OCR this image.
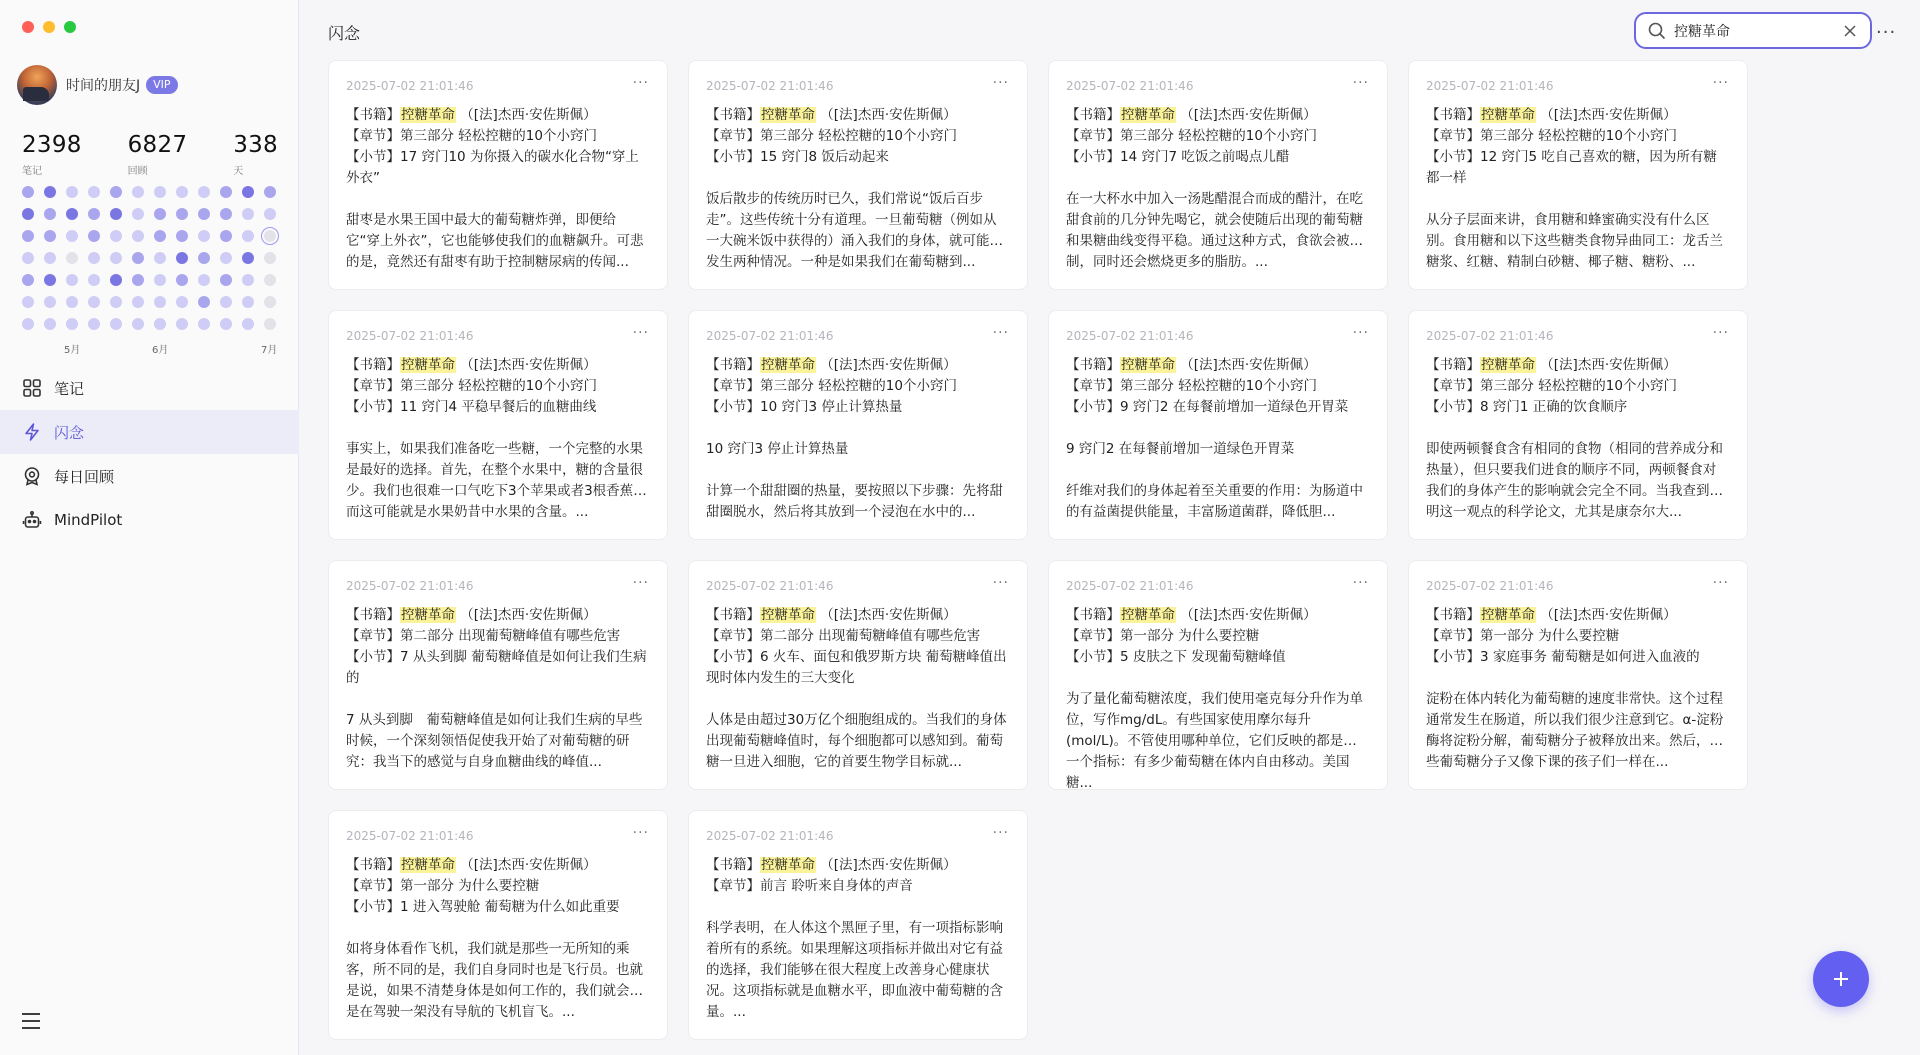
时间的朋友J	VIP
2398
笔记
6827
回顾
338
天
5月	6月	7月
笔记
闪念
每日回顾
MindPilot
闪念
控糖革命	···
2025-07-02 21:01:46	···
【书籍】控糖革命 （[法]杰西·安佐斯佩）
【章节】第三部分 轻松控糖的10个小窍门
【小节】17 窍门10 为你摄入的碳水化合物“穿上外衣”
甜枣是水果王国中最大的葡萄糖炸弹，即便给它“穿上外衣”，它也能够使我们的血糖飙升。可悲的是，竟然还有甜枣有助于控制糖尿病的传闻...
2025-07-02 21:01:46	···
【书籍】控糖革命 （[法]杰西·安佐斯佩）
【章节】第三部分 轻松控糖的10个小窍门
【小节】15 窍门8 饭后动起来
饭后散步的传统历时已久，我们常说“饭后百步走”。这些传统十分有道理。一旦葡萄糖（例如从一大碗米饭中获得的）涌入我们的身体，就可能会发生两种情况。一种是如果我们在葡萄糖到...
2025-07-02 21:01:46	···
【书籍】控糖革命 （[法]杰西·安佐斯佩）
【章节】第三部分 轻松控糖的10个小窍门
【小节】14 窍门7 吃饭之前喝点儿醋
在一大杯水中加入一汤匙醋混合而成的醋汁，在吃甜食前的几分钟先喝它，就会使随后出现的葡萄糖和果糖曲线变得平稳。通过这种方式，食欲会被抑制，同时还会燃烧更多的脂肪。...
2025-07-02 21:01:46	···
【书籍】控糖革命 （[法]杰西·安佐斯佩）
【章节】第三部分 轻松控糖的10个小窍门
【小节】12 窍门5 吃自己喜欢的糖，因为所有糖都一样
从分子层面来讲，食用糖和蜂蜜确实没有什么区别。食用糖和以下这些糖类食物异曲同工：龙舌兰糖浆、红糖、精制白砂糖、椰子糖、糖粉、...
2025-07-02 21:01:46	···
【书籍】控糖革命 （[法]杰西·安佐斯佩）
【章节】第三部分 轻松控糖的10个小窍门
【小节】11 窍门4 平稳早餐后的血糖曲线
事实上，如果我们准备吃一些糖，一个完整的水果是最好的选择。首先，在整个水果中，糖的含量很少。我们也很难一口气吃下3个苹果或者3根香蕉，而这可能就是水果奶昔中水果的含量。...
2025-07-02 21:01:46	···
【书籍】控糖革命 （[法]杰西·安佐斯佩）
【章节】第三部分 轻松控糖的10个小窍门
【小节】10 窍门3 停止计算热量
10 窍门3 停止计算热量
计算一个甜甜圈的热量，要按照以下步骤：先将甜甜圈脱水，然后将其放到一个浸泡在水中的...
2025-07-02 21:01:46	···
【书籍】控糖革命 （[法]杰西·安佐斯佩）
【章节】第三部分 轻松控糖的10个小窍门
【小节】9 窍门2 在每餐前增加一道绿色开胃菜
9 窍门2 在每餐前增加一道绿色开胃菜
纤维对我们的身体起着至关重要的作用：为肠道中的有益菌提供能量，丰富肠道菌群，降低胆...
2025-07-02 21:01:46	···
【书籍】控糖革命 （[法]杰西·安佐斯佩）
【章节】第三部分 轻松控糖的10个小窍门
【小节】8 窍门1 正确的饮食顺序
即使两顿餐食含有相同的食物（相同的营养成分和热量），但只要我们进食的顺序不同，两顿餐食对我们的身体产生的影响就会完全不同。当我查到证明这一观点的科学论文，尤其是康奈尔大...
2025-07-02 21:01:46	···
【书籍】控糖革命 （[法]杰西·安佐斯佩）
【章节】第二部分 出现葡萄糖峰值有哪些危害
【小节】7 从头到脚 葡萄糖峰值是如何让我们生病的
7 从头到脚　葡萄糖峰值是如何让我们生病的早些时候，一个深刻领悟促使我开始了对葡萄糖的研究：我当下的感觉与自身血糖曲线的峰值...
2025-07-02 21:01:46	···
【书籍】控糖革命 （[法]杰西·安佐斯佩）
【章节】第二部分 出现葡萄糖峰值有哪些危害
【小节】6 火车、面包和俄罗斯方块 葡萄糖峰值出现时体内发生的三大变化
人体是由超过30万亿个细胞组成的。当我们的身体出现葡萄糖峰值时，每个细胞都可以感知到。葡萄糖一旦进入细胞，它的首要生物学目标就...
2025-07-02 21:01:46	···
【书籍】控糖革命 （[法]杰西·安佐斯佩）
【章节】第一部分 为什么要控糖
【小节】5 皮肤之下 发现葡萄糖峰值
为了量化葡萄糖浓度，我们使用毫克每分升作为单位，写作mg/dL。有些国家使用摩尔每升(mol/L)。不管使用哪种单位，它们反映的都是同一个指标：有多少葡萄糖在体内自由移动。美国糖...
2025-07-02 21:01:46	···
【书籍】控糖革命 （[法]杰西·安佐斯佩）
【章节】第一部分 为什么要控糖
【小节】3 家庭事务 葡萄糖是如何进入血液的
淀粉在体内转化为葡萄糖的速度非常快。这个过程通常发生在肠道，所以我们很少注意到它。α-淀粉酶将淀粉分解，葡萄糖分子被释放出来。然后，这些葡萄糖分子又像下课的孩子们一样在...
2025-07-02 21:01:46	···
【书籍】控糖革命 （[法]杰西·安佐斯佩）
【章节】第一部分 为什么要控糖
【小节】1 进入驾驶舱 葡萄糖为什么如此重要
如将身体看作飞机，我们就是那些一无所知的乘客，所不同的是，我们自身同时也是飞行员。也就是说，如果不清楚身体是如何工作的，我们就会像是在驾驶一架没有导航的飞机盲飞。...
2025-07-02 21:01:46	···
【书籍】控糖革命 （[法]杰西·安佐斯佩）
【章节】前言 聆听来自身体的声音
科学表明，在人体这个黑匣子里，有一项指标影响着所有的系统。如果理解这项指标并做出对它有益的选择，我们能够在很大程度上改善身心健康状况。这项指标就是血糖水平，即血液中葡萄糖的含量。...
